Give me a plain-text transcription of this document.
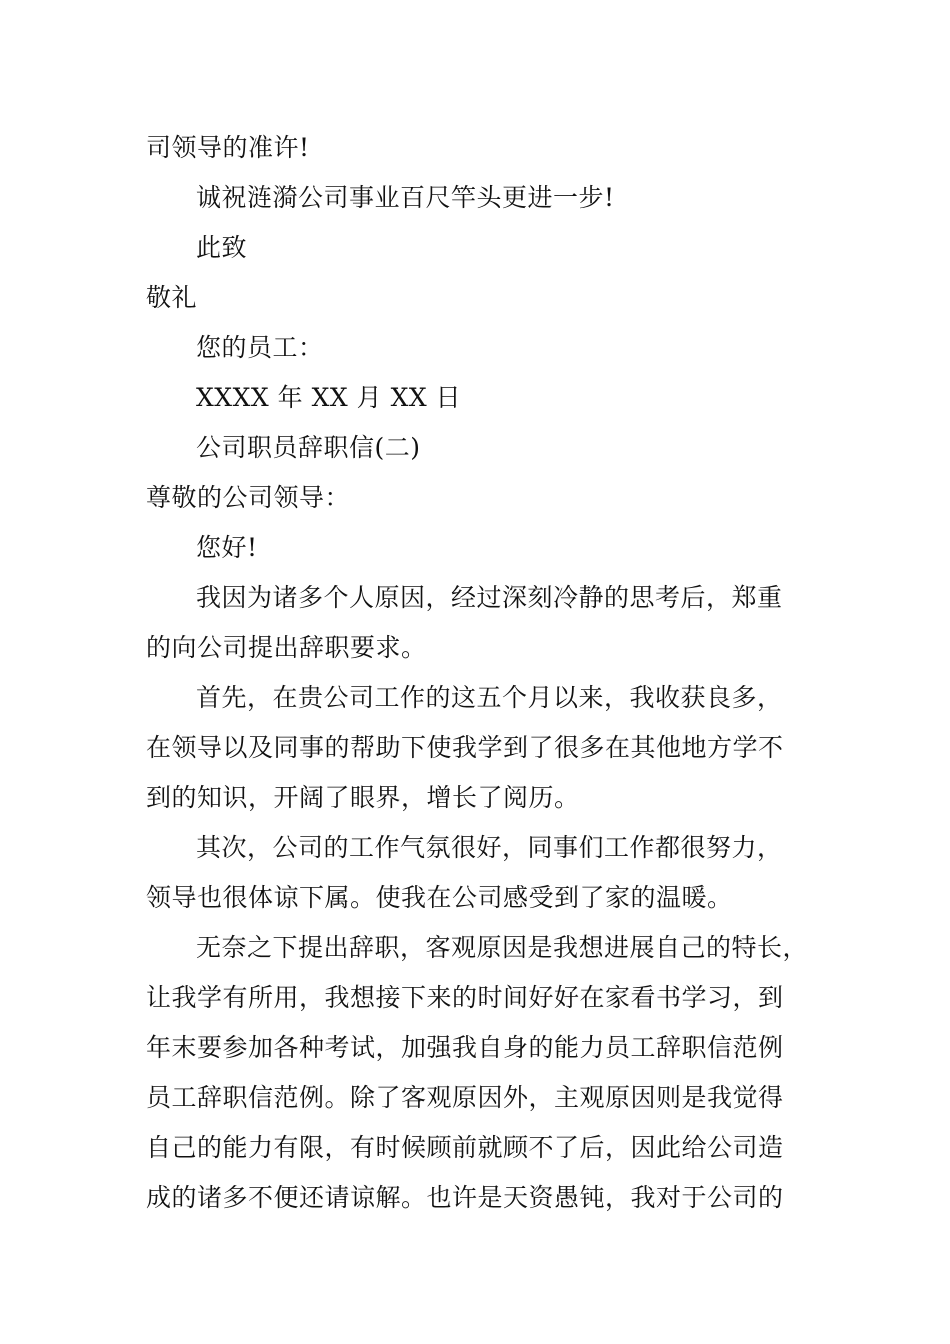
司领导的准许!
诚祝涟漪公司事业百尺竿头更进一步!
此致
敬礼
您的员工：
XXXX 年 XX 月 XX 日
公司职员辞职信(二)
尊敬的公司领导：
您好!
我因为诸多个人原因，经过深刻冷静的思考后，郑重
的向公司提出辞职要求。
首先，在贵公司工作的这五个月以来，我收获良多，
在领导以及同事的帮助下使我学到了很多在其他地方学不
到的知识，开阔了眼界，增长了阅历。
其次，公司的工作气氛很好，同事们工作都很努力，
领导也很体谅下属。使我在公司感受到了家的温暖。
无奈之下提出辞职，客观原因是我想进展自己的特长，
让我学有所用，我想接下来的时间好好在家看书学习，到
年末要参加各种考试，加强我自身的能力员工辞职信范例
员工辞职信范例。除了客观原因外，主观原因则是我觉得
自己的能力有限，有时候顾前就顾不了后，因此给公司造
成的诸多不便还请谅解。也许是天资愚钝，我对于公司的
